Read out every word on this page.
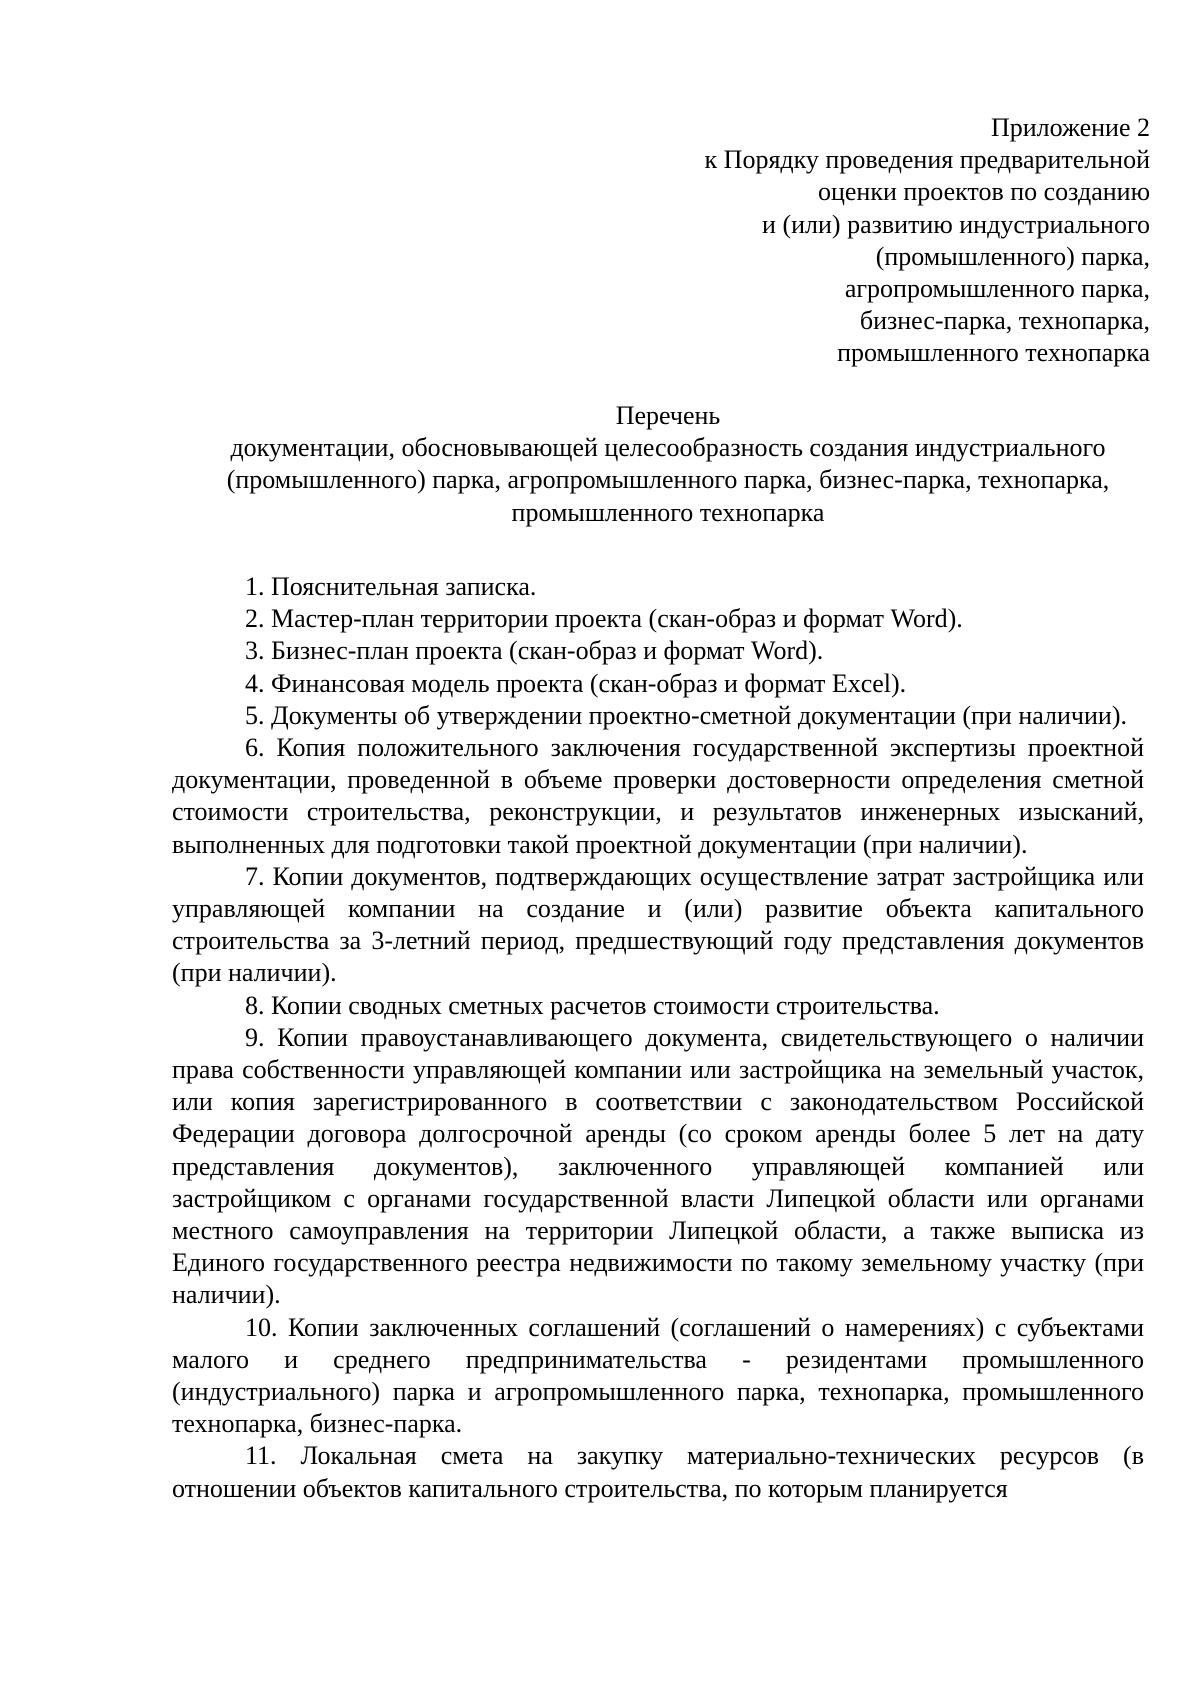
Приложение 2
к Порядку проведения предварительной
оценки проектов по созданию
и (или) развитию индустриального
(промышленного) парка,
агропромышленного парка,
бизнес-парка, технопарка,
промышленного технопарка
Перечень
документации, обосновывающей целесообразность создания индустриального
(промышленного) парка, агропромышленного парка, бизнес-парка, технопарка,
промышленного технопарка

1. Пояснительная записка.

2. Мастер-план территории проекта (скан-образ и формат Word).

3. Бизнес-план проекта (скан-образ и формат Word).

4. Финансовая модель проекта (скан-образ и формат Excel).

5. Документы об утверждении проектно-сметной документации (при наличии).

6. Копия положительного заключения государственной экспертизы проектной документации, проведенной в объеме проверки достоверности определения сметной стоимости строительства, реконструкции, и результатов инженерных изысканий, выполненных для подготовки такой проектной документации (при наличии).

7. Копии документов, подтверждающих осуществление затрат застройщика или управляющей компании на создание и (или) развитие объекта капитального строительства за 3-летний период, предшествующий году представления документов (при наличии).

8. Копии сводных сметных расчетов стоимости строительства.

9. Копии правоустанавливающего документа, свидетельствующего о наличии права собственности управляющей компании или застройщика на земельный участок, или копия зарегистрированного в соответствии с законодательством Российской Федерации договора долгосрочной аренды (со сроком аренды более 5 лет на дату представления документов), заключенного управляющей компанией или застройщиком с органами государственной власти Липецкой области или органами местного самоуправления на территории Липецкой области, а также выписка из Единого государственного реестра недвижимости по такому земельному участку (при наличии).

10. Копии заключенных соглашений (соглашений о намерениях) с субъектами малого и среднего предпринимательства - резидентами промышленного (индустриального) парка и агропромышленного парка, технопарка, промышленного технопарка, бизнес-парка.

11. Локальная смета на закупку материально-технических ресурсов (в отношении объектов капитального строительства, по которым планируется
